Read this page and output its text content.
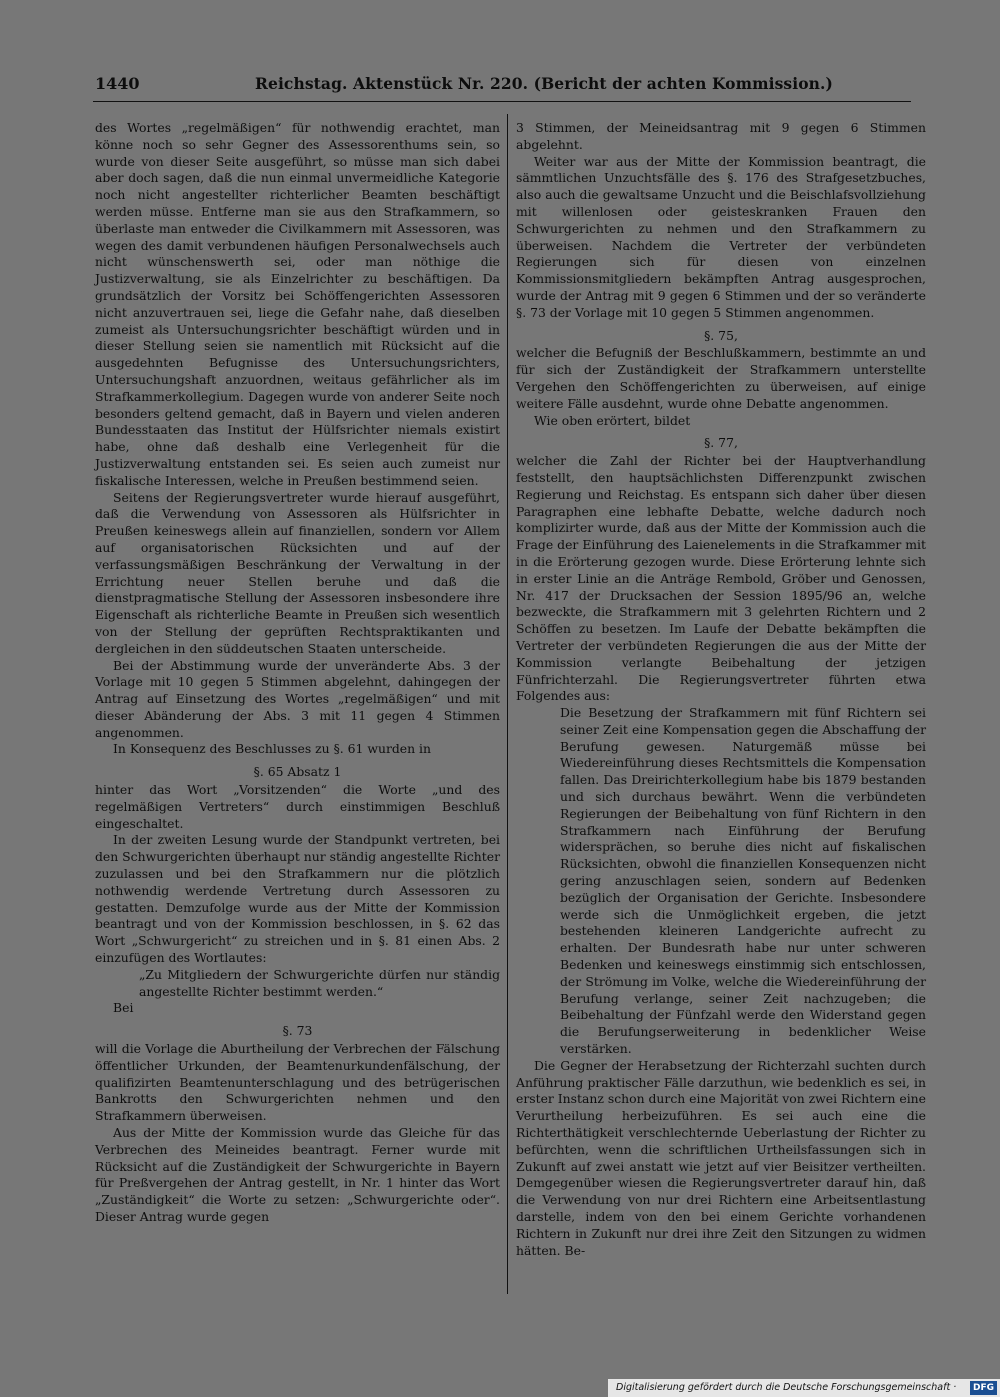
1440	Reichstag. Aktenstück Nr. 220. (Bericht der achten Kommission.)

des Wortes „regelmäßigen“ für nothwendig erachtet, man könne noch so sehr Gegner des Assessorenthums sein, so wurde von dieser Seite ausgeführt, so müsse man sich dabei aber doch sagen, daß die nun einmal unvermeidliche Kategorie noch nicht angestellter richterlicher Beamten beschäftigt werden müsse. Entferne man sie aus den Strafkammern, so überlaste man entweder die Civilkammern mit Assessoren, was wegen des damit verbundenen häufigen Personalwechsels auch nicht wünschenswerth sei, oder man nöthige die Justizverwaltung, sie als Einzelrichter zu beschäftigen. Da grundsätzlich der Vorsitz bei Schöffengerichten Assessoren nicht anzuvertrauen sei, liege die Gefahr nahe, daß dieselben zumeist als Untersuchungsrichter beschäftigt würden und in dieser Stellung seien sie namentlich mit Rücksicht auf die ausgedehnten Befugnisse des Untersuchungsrichters, Untersuchungshaft anzuordnen, weitaus gefährlicher als im Strafkammerkollegium. Dagegen wurde von anderer Seite noch besonders geltend gemacht, daß in Bayern und vielen anderen Bundesstaaten das Institut der Hülfsrichter niemals existirt habe, ohne daß deshalb eine Verlegenheit für die Justizverwaltung entstanden sei. Es seien auch zumeist nur fiskalische Interessen, welche in Preußen bestimmend seien.

Seitens der Regierungsvertreter wurde hierauf ausgeführt, daß die Verwendung von Assessoren als Hülfsrichter in Preußen keineswegs allein auf finanziellen, sondern vor Allem auf organisatorischen Rücksichten und auf der verfassungsmäßigen Beschränkung der Verwaltung in der Errichtung neuer Stellen beruhe und daß die dienstpragmatische Stellung der Assessoren insbesondere ihre Eigenschaft als richterliche Beamte in Preußen sich wesentlich von der Stellung der geprüften Rechtspraktikanten und dergleichen in den süddeutschen Staaten unterscheide.

Bei der Abstimmung wurde der unveränderte Abs. 3 der Vorlage mit 10 gegen 5 Stimmen abgelehnt, dahingegen der Antrag auf Einsetzung des Wortes „regelmäßigen“ und mit dieser Abänderung der Abs. 3 mit 11 gegen 4 Stimmen angenommen.

In Konsequenz des Beschlusses zu §. 61 wurden in

§. 65 Absatz 1

hinter das Wort „Vorsitzenden“ die Worte „und des regelmäßigen Vertreters“ durch einstimmigen Beschluß eingeschaltet.

In der zweiten Lesung wurde der Standpunkt vertreten, bei den Schwurgerichten überhaupt nur ständig angestellte Richter zuzulassen und bei den Strafkammern nur die plötzlich nothwendig werdende Vertretung durch Assessoren zu gestatten. Demzufolge wurde aus der Mitte der Kommission beantragt und von der Kommission beschlossen, in §. 62 das Wort „Schwurgericht“ zu streichen und in §. 81 einen Abs. 2 einzufügen des Wortlautes:

„Zu Mitgliedern der Schwurgerichte dürfen nur ständig angestellte Richter bestimmt werden.“

Bei

§. 73

will die Vorlage die Aburtheilung der Verbrechen der Fälschung öffentlicher Urkunden, der Beamtenurkundenfälschung, der qualifizirten Beamtenunterschlagung und des betrügerischen Bankrotts den Schwurgerichten nehmen und den Strafkammern überweisen.

Aus der Mitte der Kommission wurde das Gleiche für das Verbrechen des Meineides beantragt. Ferner wurde mit Rücksicht auf die Zuständigkeit der Schwurgerichte in Bayern für Preßvergehen der Antrag gestellt, in Nr. 1 hinter das Wort „Zuständigkeit“ die Worte zu setzen: „Schwurgerichte oder“. Dieser Antrag wurde gegen

3 Stimmen, der Meineidsantrag mit 9 gegen 6 Stimmen abgelehnt.

Weiter war aus der Mitte der Kommission beantragt, die sämmtlichen Unzuchtsfälle des §. 176 des Strafgesetzbuches, also auch die gewaltsame Unzucht und die Beischlafsvollziehung mit willenlosen oder geisteskranken Frauen den Schwurgerichten zu nehmen und den Strafkammern zu überweisen. Nachdem die Vertreter der verbündeten Regierungen sich für diesen von einzelnen Kommissionsmitgliedern bekämpften Antrag ausgesprochen, wurde der Antrag mit 9 gegen 6 Stimmen und der so veränderte §. 73 der Vorlage mit 10 gegen 5 Stimmen angenommen.

§. 75,

welcher die Befugniß der Beschlußkammern, bestimmte an und für sich der Zuständigkeit der Strafkammern unterstellte Vergehen den Schöffengerichten zu überweisen, auf einige weitere Fälle ausdehnt, wurde ohne Debatte angenommen.

Wie oben erörtert, bildet

§. 77,

welcher die Zahl der Richter bei der Hauptverhandlung feststellt, den hauptsächlichsten Differenzpunkt zwischen Regierung und Reichstag. Es entspann sich daher über diesen Paragraphen eine lebhafte Debatte, welche dadurch noch komplizirter wurde, daß aus der Mitte der Kommission auch die Frage der Einführung des Laienelements in die Strafkammer mit in die Erörterung gezogen wurde. Diese Erörterung lehnte sich in erster Linie an die Anträge Rembold, Gröber und Genossen, Nr. 417 der Drucksachen der Session 1895/96 an, welche bezweckte, die Strafkammern mit 3 gelehrten Richtern und 2 Schöffen zu besetzen. Im Laufe der Debatte bekämpften die Vertreter der verbündeten Regierungen die aus der Mitte der Kommission verlangte Beibehaltung der jetzigen Fünfrichterzahl. Die Regierungsvertreter führten etwa Folgendes aus:

Die Besetzung der Strafkammern mit fünf Richtern sei seiner Zeit eine Kompensation gegen die Abschaffung der Berufung gewesen. Naturgemäß müsse bei Wiedereinführung dieses Rechtsmittels die Kompensation fallen. Das Dreirichterkollegium habe bis 1879 bestanden und sich durchaus bewährt. Wenn die verbündeten Regierungen der Beibehaltung von fünf Richtern in den Strafkammern nach Einführung der Berufung widersprächen, so beruhe dies nicht auf fiskalischen Rücksichten, obwohl die finanziellen Konsequenzen nicht gering anzuschlagen seien, sondern auf Bedenken bezüglich der Organisation der Gerichte. Insbesondere werde sich die Unmöglichkeit ergeben, die jetzt bestehenden kleineren Landgerichte aufrecht zu erhalten. Der Bundesrath habe nur unter schweren Bedenken und keineswegs einstimmig sich entschlossen, der Strömung im Volke, welche die Wiedereinführung der Berufung verlange, seiner Zeit nachzugeben; die Beibehaltung der Fünfzahl werde den Widerstand gegen die Berufungserweiterung in bedenklicher Weise verstärken.

Die Gegner der Herabsetzung der Richterzahl suchten durch Anführung praktischer Fälle darzuthun, wie bedenklich es sei, in erster Instanz schon durch eine Majorität von zwei Richtern eine Verurtheilung herbeizuführen. Es sei auch eine die Richterthätigkeit verschlechternde Ueberlastung der Richter zu befürchten, wenn die schriftlichen Urtheilsfassungen sich in Zukunft auf zwei anstatt wie jetzt auf vier Beisitzer vertheilten. Demgegenüber wiesen die Regierungsvertreter darauf hin, daß die Verwendung von nur drei Richtern eine Arbeitsentlastung darstelle, indem von den bei einem Gerichte vorhandenen Richtern in Zukunft nur drei ihre Zeit den Sitzungen zu widmen hätten. Be-

Digitalisierung gefördert durch die Deutsche Forschungsgemeinschaft ·	DFG
